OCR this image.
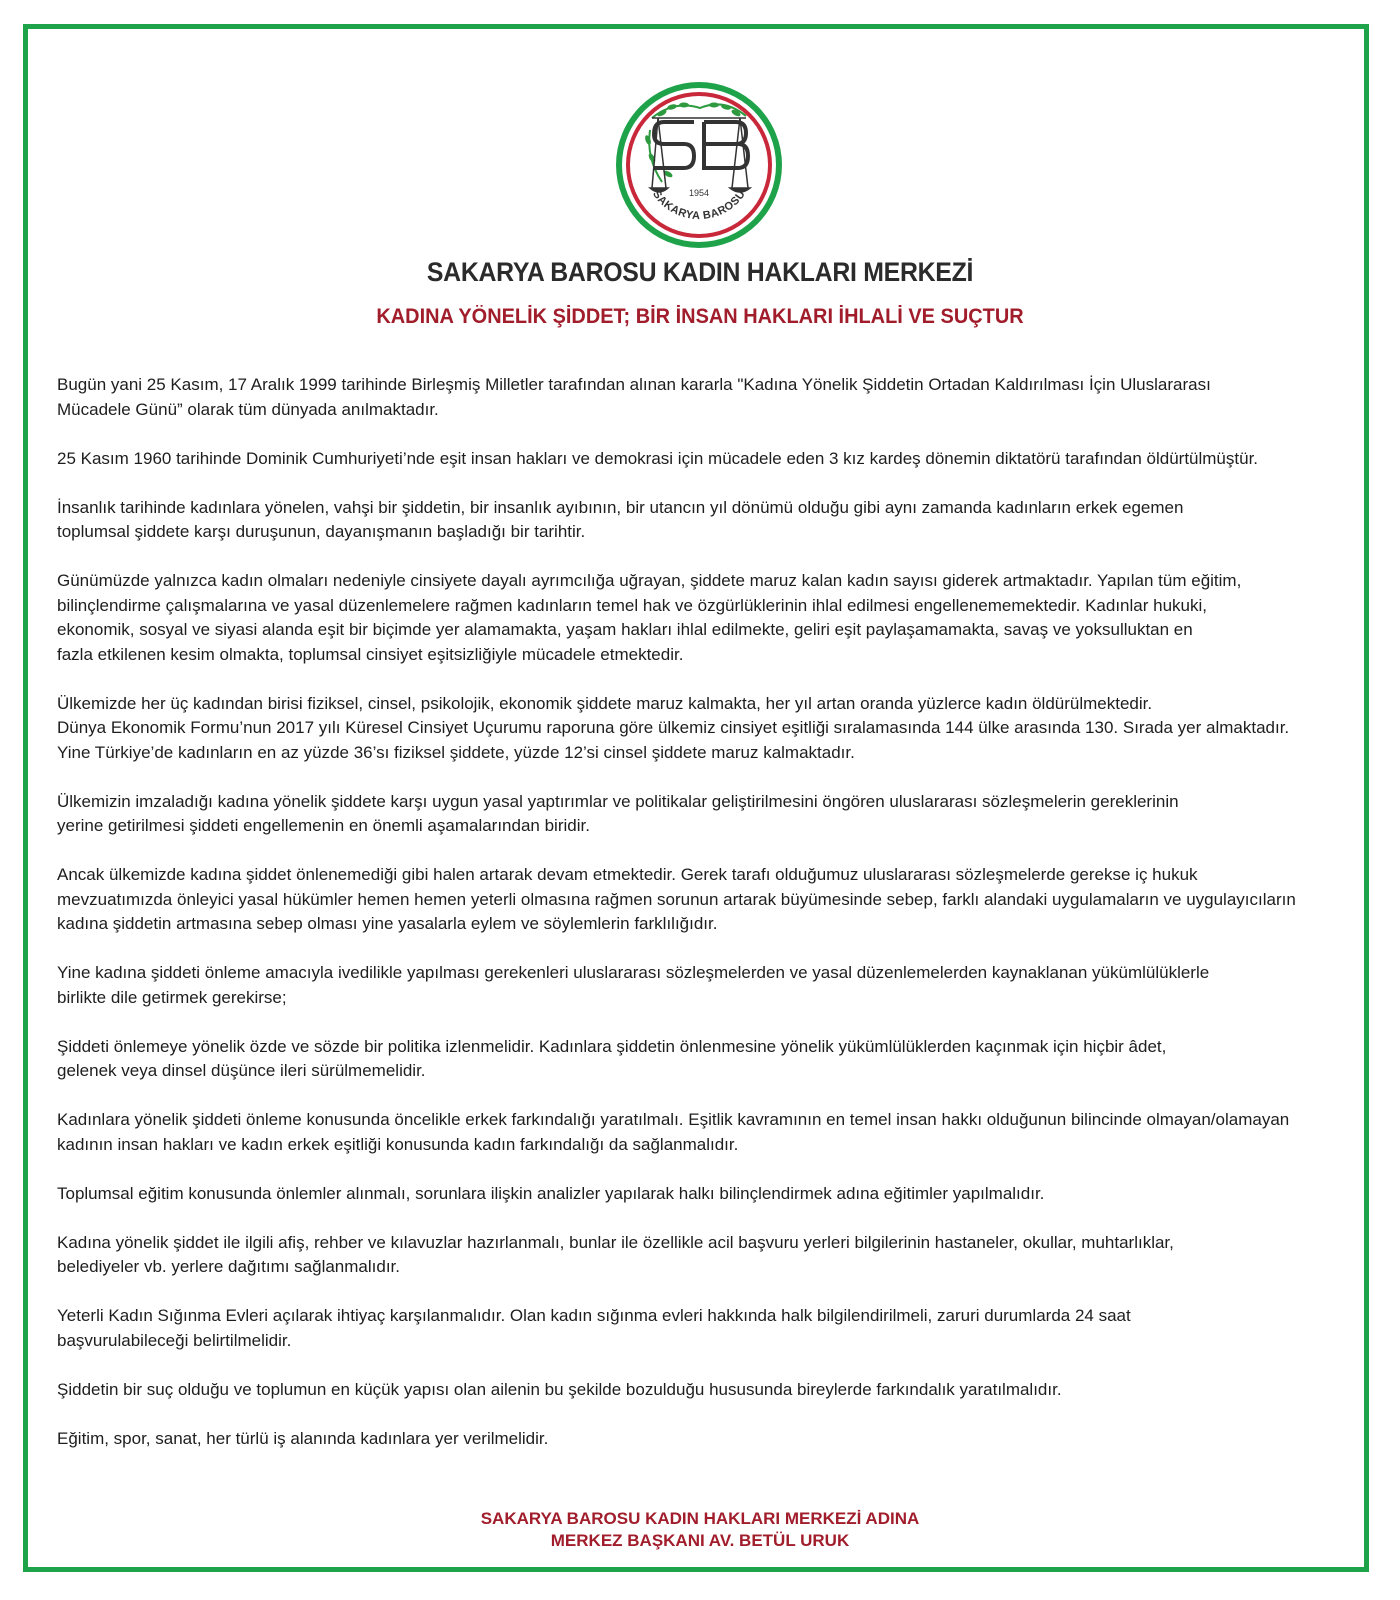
1954
SAKARYA BAROSU
SAKARYA BAROSU KADIN HAKLARI MERKEZİ
KADINA YÖNELİK ŞİDDET; BİR İNSAN HAKLARI İHLALİ VE SUÇTUR

Bugün yani 25 Kasım, 17 Aralık 1999 tarihinde Birleşmiş Milletler tarafından alınan kararla "Kadına Yönelik Şiddetin Ortadan Kaldırılması İçin Uluslararası
Mücadele Günü” olarak tüm dünyada anılmaktadır.

25 Kasım 1960 tarihinde Dominik Cumhuriyeti’nde eşit insan hakları ve demokrasi için mücadele eden 3 kız kardeş dönemin diktatörü tarafından öldürtülmüştür.

İnsanlık tarihinde kadınlara yönelen, vahşi bir şiddetin, bir insanlık ayıbının, bir utancın yıl dönümü olduğu gibi aynı zamanda kadınların erkek egemen
toplumsal şiddete karşı duruşunun, dayanışmanın başladığı bir tarihtir.

Günümüzde yalnızca kadın olmaları nedeniyle cinsiyete dayalı ayrımcılığa uğrayan, şiddete maruz kalan kadın sayısı giderek artmaktadır. Yapılan tüm eğitim,
bilinçlendirme çalışmalarına ve yasal düzenlemelere rağmen kadınların temel hak ve özgürlüklerinin ihlal edilmesi engellenememektedir. Kadınlar hukuki,
ekonomik, sosyal ve siyasi alanda eşit bir biçimde yer alamamakta, yaşam hakları ihlal edilmekte, geliri eşit paylaşamamakta, savaş ve yoksulluktan en
fazla etkilenen kesim olmakta, toplumsal cinsiyet eşitsizliğiyle mücadele etmektedir.

Ülkemizde her üç kadından birisi fiziksel, cinsel, psikolojik, ekonomik şiddete maruz kalmakta, her yıl artan oranda yüzlerce kadın öldürülmektedir.
Dünya Ekonomik Formu’nun 2017 yılı Küresel Cinsiyet Uçurumu raporuna göre ülkemiz cinsiyet eşitliği sıralamasında 144 ülke arasında 130. Sırada yer almaktadır.
Yine Türkiye’de kadınların en az yüzde 36’sı fiziksel şiddete, yüzde 12’si cinsel şiddete maruz kalmaktadır.

Ülkemizin imzaladığı kadına yönelik şiddete karşı uygun yasal yaptırımlar ve politikalar geliştirilmesini öngören uluslararası sözleşmelerin gereklerinin
yerine getirilmesi şiddeti engellemenin en önemli aşamalarından biridir.

Ancak ülkemizde kadına şiddet önlenemediği gibi halen artarak devam etmektedir. Gerek tarafı olduğumuz uluslararası sözleşmelerde gerekse iç hukuk
mevzuatımızda önleyici yasal hükümler hemen hemen yeterli olmasına rağmen sorunun artarak büyümesinde sebep, farklı alandaki uygulamaların ve uygulayıcıların
kadına şiddetin artmasına sebep olması yine yasalarla eylem ve söylemlerin farklılığıdır.

Yine kadına şiddeti önleme amacıyla ivedilikle yapılması gerekenleri uluslararası sözleşmelerden ve yasal düzenlemelerden kaynaklanan yükümlülüklerle
birlikte dile getirmek gerekirse;

Şiddeti önlemeye yönelik özde ve sözde bir politika izlenmelidir. Kadınlara şiddetin önlenmesine yönelik yükümlülüklerden kaçınmak için hiçbir âdet,
gelenek veya dinsel düşünce ileri sürülmemelidir.

Kadınlara yönelik şiddeti önleme konusunda öncelikle erkek farkındalığı yaratılmalı. Eşitlik kavramının en temel insan hakkı olduğunun bilincinde olmayan/olamayan
kadının insan hakları ve kadın erkek eşitliği konusunda kadın farkındalığı da sağlanmalıdır.

Toplumsal eğitim konusunda önlemler alınmalı, sorunlara ilişkin analizler yapılarak halkı bilinçlendirmek adına eğitimler yapılmalıdır.

Kadına yönelik şiddet ile ilgili afiş, rehber ve kılavuzlar hazırlanmalı, bunlar ile özellikle acil başvuru yerleri bilgilerinin hastaneler, okullar, muhtarlıklar,
belediyeler vb. yerlere dağıtımı sağlanmalıdır.

Yeterli Kadın Sığınma Evleri açılarak ihtiyaç karşılanmalıdır. Olan kadın sığınma evleri hakkında halk bilgilendirilmeli, zaruri durumlarda 24 saat
başvurulabileceği belirtilmelidir.

Şiddetin bir suç olduğu ve toplumun en küçük yapısı olan ailenin bu şekilde bozulduğu hususunda bireylerde farkındalık yaratılmalıdır.

Eğitim, spor, sanat, her türlü iş alanında kadınlara yer verilmelidir.

SAKARYA BAROSU KADIN HAKLARI MERKEZİ ADINA
MERKEZ BAŞKANI AV. BETÜL URUK
